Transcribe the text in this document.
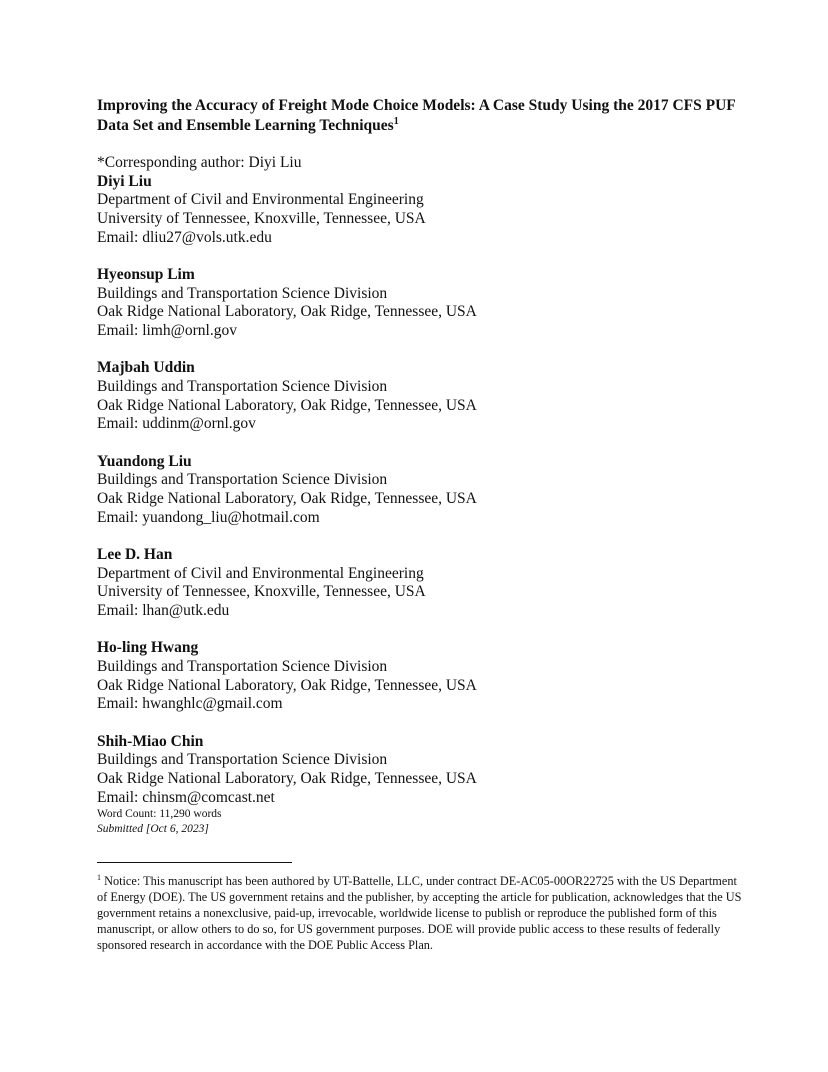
Improving the Accuracy of Freight Mode Choice Models: A Case Study Using the 2017 CFS PUF Data Set and Ensemble Learning Techniques$^1$

*Corresponding author: Diyi Liu
Diyi Liu
Department of Civil and Environmental Engineering
University of Tennessee, Knoxville, Tennessee, USA
Email: dliu27@vols.utk.edu
Hyeonsup Lim
Buildings and Transportation Science Division
Oak Ridge National Laboratory, Oak Ridge, Tennessee, USA
Email: limh@ornl.gov
Majbah Uddin
Buildings and Transportation Science Division
Oak Ridge National Laboratory, Oak Ridge, Tennessee, USA
Email: uddinm@ornl.gov
Yuandong Liu
Buildings and Transportation Science Division
Oak Ridge National Laboratory, Oak Ridge, Tennessee, USA
Email: yuandong_liu@hotmail.com
Lee D. Han
Department of Civil and Environmental Engineering
University of Tennessee, Knoxville, Tennessee, USA
Email: lhan@utk.edu
Ho-ling Hwang
Buildings and Transportation Science Division
Oak Ridge National Laboratory, Oak Ridge, Tennessee, USA
Email: hwanghlc@gmail.com
Shih-Miao Chin
Buildings and Transportation Science Division
Oak Ridge National Laboratory, Oak Ridge, Tennessee, USA
Email: chinsm@comcast.net
Word Count: 11,290 words
Submitted [Oct 6, 2023]
$^1$ Notice: This manuscript has been authored by UT-Battelle, LLC, under contract DE-AC05-00OR22725 with the US Department of Energy (DOE). The US government retains and the publisher, by accepting the article for publication, acknowledges that the US government retains a nonexclusive, paid-up, irrevocable, worldwide license to publish or reproduce the published form of this manuscript, or allow others to do so, for US government purposes. DOE will provide public access to these results of federally sponsored research in accordance with the DOE Public Access Plan.
